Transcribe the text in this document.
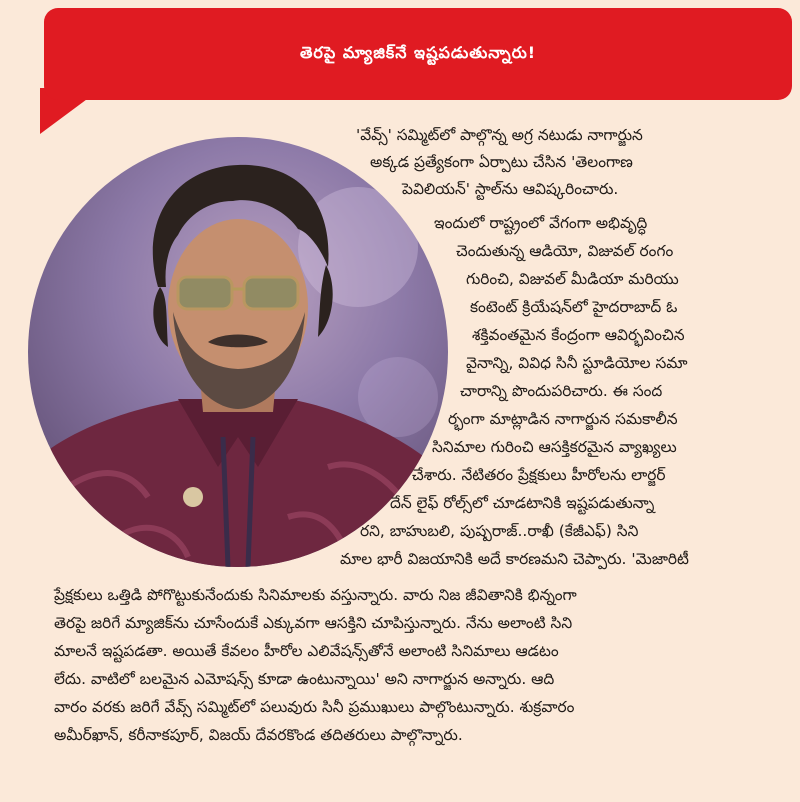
తెరపై మ్యాజిక్‌నే ఇష్టపడుతున్నారు!
'వేవ్స్' సమ్మిట్‌లో పాల్గొన్న అగ్ర నటుడు నాగార్జున
అక్కడ ప్రత్యేకంగా ఏర్పాటు చేసిన 'తెలంగాణ
పెవిలియన్' స్టాల్‌ను ఆవిష్కరించారు.
ఇందులో రాష్ట్రంలో వేగంగా అభివృద్ధి
చెందుతున్న ఆడియో, విజువల్ రంగం
గురించి, విజువల్ మీడియా మరియు
కంటెంట్ క్రియేషన్‌లో హైదరాబాద్ ఓ
శక్తివంతమైన కేంద్రంగా ఆవిర్భవించిన
వైనాన్ని, వివిధ సినీ స్టూడియోల సమా
చారాన్ని పొందుపరిచారు. ఈ సంద
ర్భంగా మాట్లాడిన నాగార్జున సమకాలీన
సినిమాల గురించి ఆసక్తికరమైన వ్యాఖ్యలు
చేశారు. నేటితరం ప్రేక్షకులు హీరోలను లార్జర్
దేన్ లైఫ్ రోల్స్‌లో చూడటానికి ఇష్టపడుతున్నా
రని, బాహుబలి, పుష్పరాజ్..రాఖీ (కేజీఎఫ్) సిని
మాల భారీ విజయానికి అదే కారణమని చెప్పారు. 'మెజారిటీ
ప్రేక్షకులు ఒత్తిడి పోగొట్టుకునేందుకు సినిమాలకు వస్తున్నారు. వారు నిజ జీవితానికి భిన్నంగా
తెరపై జరిగే మ్యాజిక్‌ను చూసేందుకే ఎక్కువగా ఆసక్తిని చూపిస్తున్నారు. నేను అలాంటి సిని
మాలనే ఇష్టపడతా. అయితే కేవలం హీరోల ఎలివేషన్స్‌తోనే అలాంటి సినిమాలు ఆడటం
లేదు. వాటిలో బలమైన ఎమోషన్స్ కూడా ఉంటున్నాయి' అని నాగార్జున అన్నారు. ఆది
వారం వరకు జరిగే వేవ్స్ సమ్మిట్‌లో పలువురు సినీ ప్రముఖులు పాల్గొంటున్నారు. శుక్రవారం
అమీర్‌ఖాన్, కరీనాకపూర్, విజయ్ దేవరకొండ తదితరులు పాల్గొన్నారు.
